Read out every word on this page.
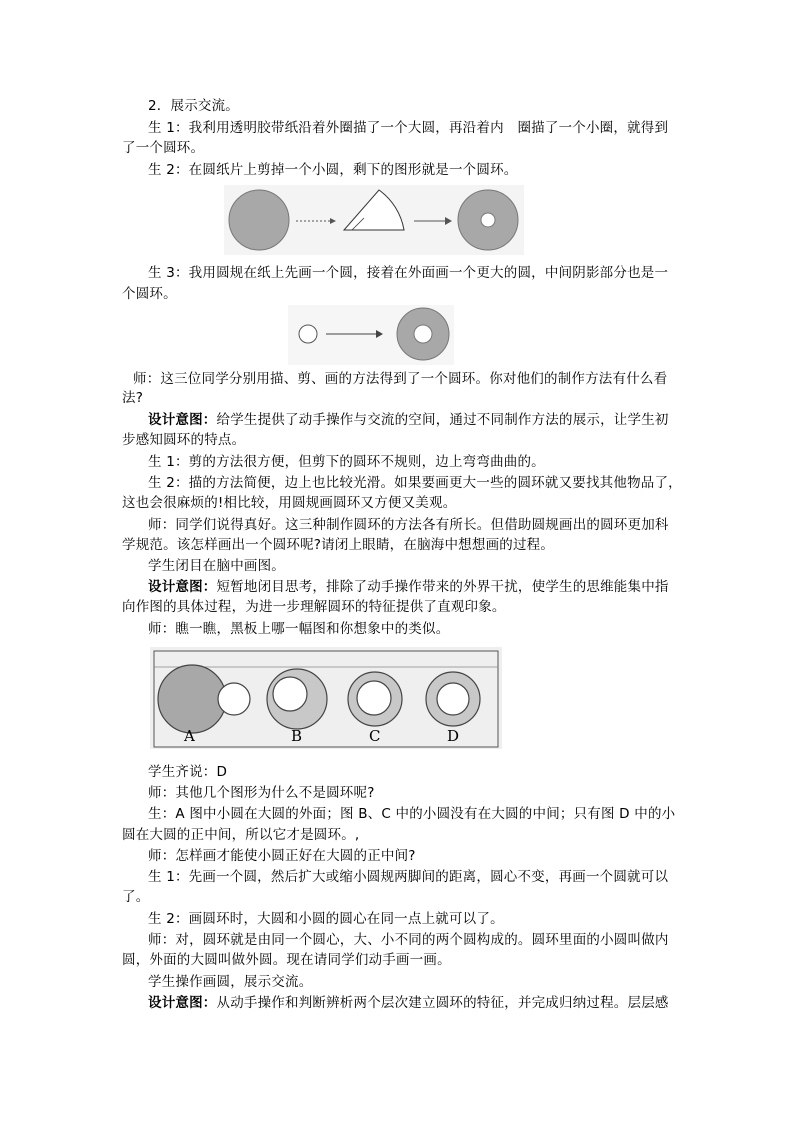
2．展示交流。
生 1：我利用透明胶带纸沿着外圈描了一个大圆，再沿着内　圈描了一个小圈，就得到
了一个圆环。
生 2：在圆纸片上剪掉一个小圆，剩下的图形就是一个圆环。
生 3：我用圆规在纸上先画一个圆，接着在外面画一个更大的圆，中间阴影部分也是一
个圆环。
师：这三位同学分别用描、剪、画的方法得到了一个圆环。你对他们的制作方法有什么看
法?
设计意图：给学生提供了动手操作与交流的空间，通过不同制作方法的展示，让学生初
步感知圆环的特点。
生 1：剪的方法很方便，但剪下的圆环不规则，边上弯弯曲曲的。
生 2：描的方法简便，边上也比较光滑。如果要画更大一些的圆环就又要找其他物品了，
这也会很麻烦的!相比较，用圆规画圆环又方便又美观。
师：同学们说得真好。这三种制作圆环的方法各有所长。但借助圆规画出的圆环更加科
学规范。该怎样画出一个圆环呢?请闭上眼睛，在脑海中想想画的过程。
学生闭目在脑中画图。
设计意图：短暂地闭目思考，排除了动手操作带来的外界干扰，使学生的思维能集中指
向作图的具体过程，为进一步理解圆环的特征提供了直观印象。
师：瞧一瞧，黑板上哪一幅图和你想象中的类似。
A	B	C	D
学生齐说：D
师：其他几个图形为什么不是圆环呢?
生：A 图中小圆在大圆的外面；图 B、C 中的小圆没有在大圆的中间；只有图 D 中的小
圆在大圆的正中间，所以它才是圆环。,
师：怎样画才能使小圆正好在大圆的正中间?
生 1：先画一个圆，然后扩大或缩小圆规两脚间的距离，圆心不变，再画一个圆就可以
了。
生 2：画圆环时，大圆和小圆的圆心在同一点上就可以了。
师：对，圆环就是由同一个圆心，大、小不同的两个圆构成的。圆环里面的小圆叫做内
圆，外面的大圆叫做外圆。现在请同学们动手画一画。
学生操作画圆，展示交流。
设计意图：从动手操作和判断辨析两个层次建立圆环的特征，并完成归纳过程。层层感
